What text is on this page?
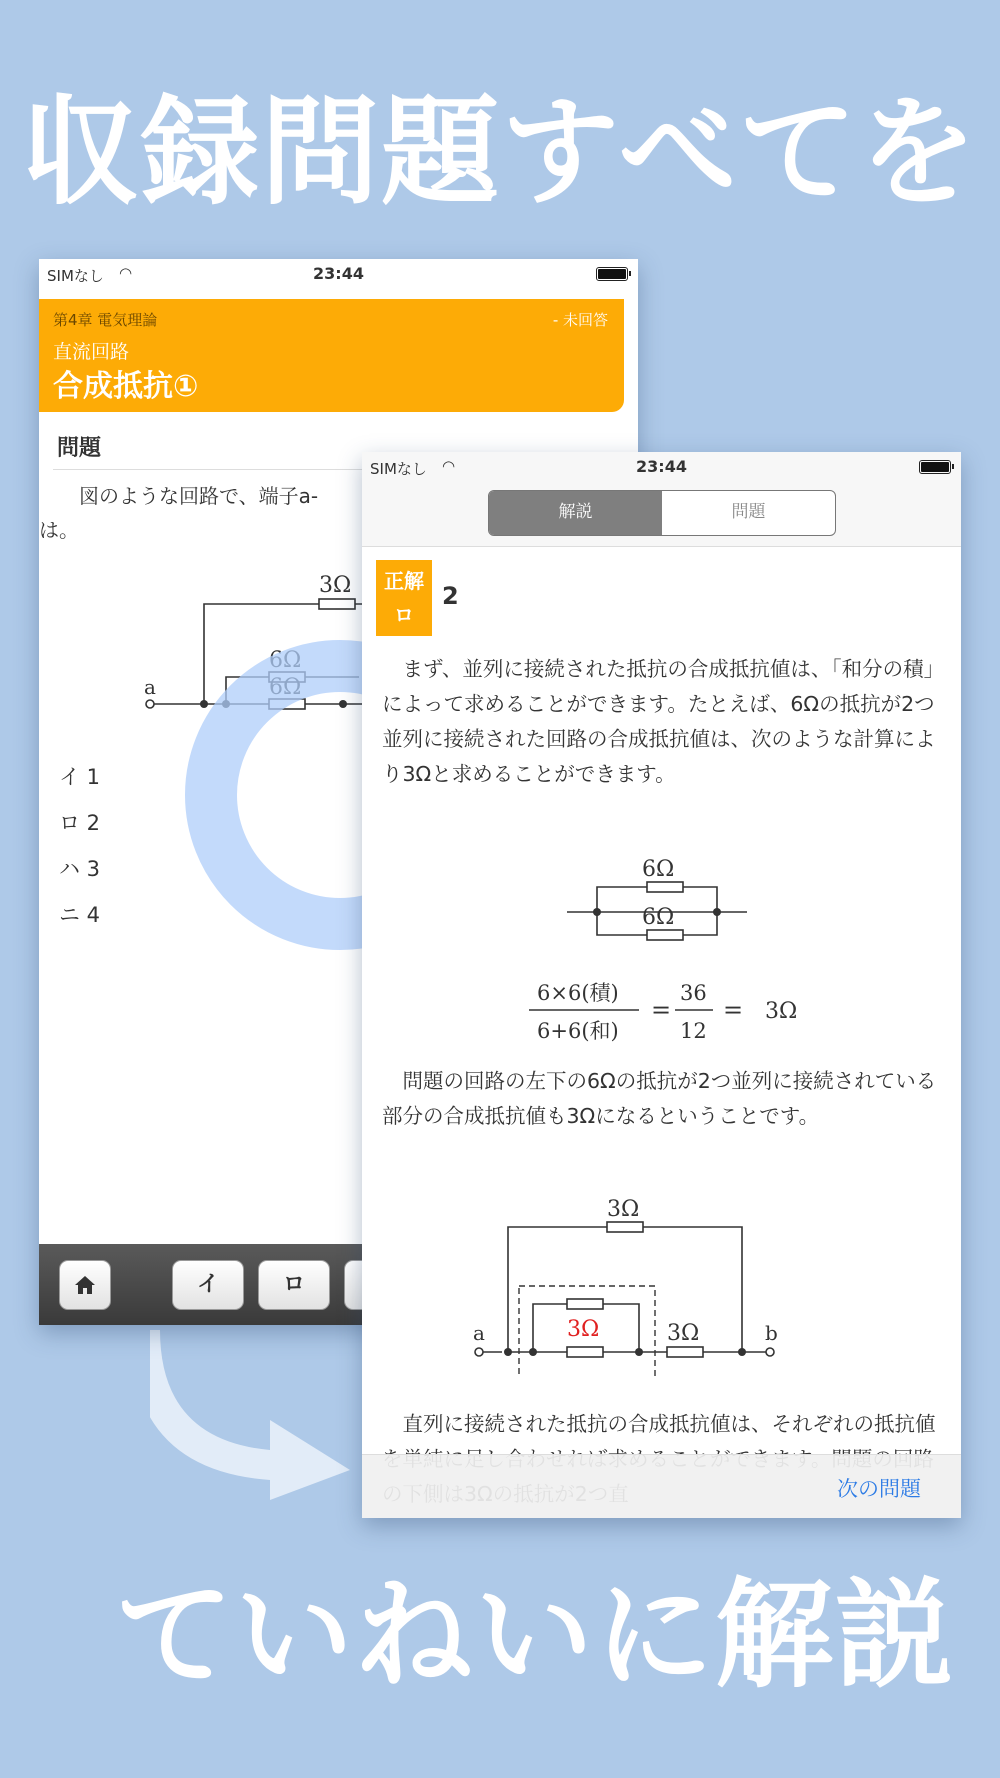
収録問題すべてを
SIMなし ◠	23:44
第4章 電気理論	- 未回答
直流回路
合成抵抗①
問題
図のような回路で、端子a-
は。
3Ω
6Ω
6Ω
a
イ 1
ロ 2
ハ 3
ニ 4
イ	ロ
SIMなし ◠	23:44
解説	問題
正解
ロ
2
まず、並列に接続された抵抗の合成抵抗値は、「和分の積」によって求めることができます。たとえば、6Ωの抵抗が2つ並列に接続された回路の合成抵抗値は、次のような計算により3Ωと求めることができます。
6Ω
6Ω
6×6(積)
6+6(和)
=
36
12
= 3Ω
問題の回路の左下の6Ωの抵抗が2つ並列に接続されている部分の合成抵抗値も3Ωになるということです。
3Ω
3Ω	3Ω
a	b
直列に接続された抵抗の合成抵抗値は、それぞれの抵抗値
次の問題
ていねいに解説
